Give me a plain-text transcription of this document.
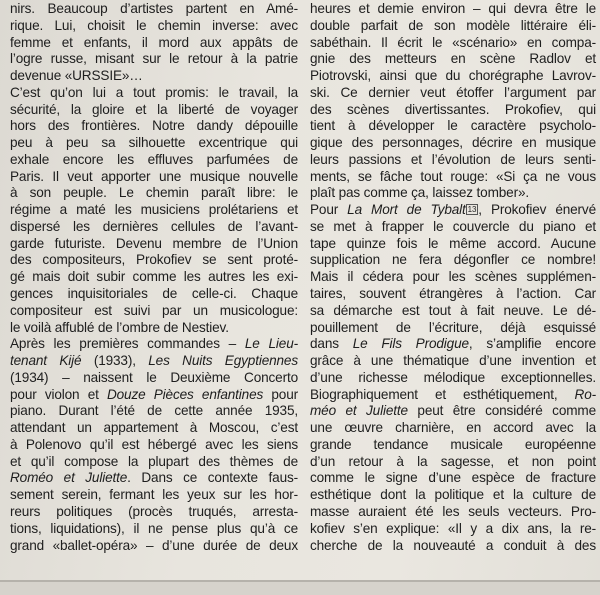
nirs. Beaucoup d’artistes partent en Amé-
rique. Lui, choisit le chemin inverse: avec
femme et enfants, il mord aux appâts de
l’ogre russe, misant sur le retour à la patrie
devenue «URSSIE»…
C’est qu’on lui a tout promis: le travail, la
sécurité, la gloire et la liberté de voyager
hors des frontières. Notre dandy dépouille
peu à peu sa silhouette excentrique qui
exhale encore les effluves parfumées de
Paris. Il veut apporter une musique nouvelle
à son peuple. Le chemin paraît libre: le
régime a maté les musiciens prolétariens et
dispersé les dernières cellules de l’avant-
garde futuriste. Devenu membre de l’Union
des compositeurs, Prokofiev se sent proté-
gé mais doit subir comme les autres les exi-
gences inquisitoriales de celle-ci. Chaque
compositeur est suivi par un musicologue:
le voilà affublé de l’ombre de Nestiev.
Après les premières commandes – Le Lieu-
tenant Kijé (1933), Les Nuits Egyptiennes
(1934) – naissent le Deuxième Concerto
pour violon et Douze Pièces enfantines pour
piano. Durant l’été de cette année 1935,
attendant un appartement à Moscou, c’est
à Polenovo qu’il est hébergé avec les siens
et qu’il compose la plupart des thèmes de
Roméo et Juliette. Dans ce contexte faus-
sement serein, fermant les yeux sur les hor-
reurs politiques (procès truqués, arresta-
tions, liquidations), il ne pense plus qu’à ce
grand «ballet-opéra» – d’une durée de deux
heures et demie environ – qui devra être le
double parfait de son modèle littéraire éli-
sabéthain. Il écrit le «scénario» en compa-
gnie des metteurs en scène Radlov et
Piotrovski, ainsi que du chorégraphe Lavrov-
ski. Ce dernier veut étoffer l’argument par
des scènes divertissantes. Prokofiev, qui
tient à développer le caractère psycholo-
gique des personnages, décrire en musique
leurs passions et l’évolution de leurs senti-
ments, se fâche tout rouge: «Si ça ne vous
plaît pas comme ça, laissez tomber».
Pour La Mort de Tybalt 13 , Prokofiev énervé
se met à frapper le couvercle du piano et
tape quinze fois le même accord. Aucune
supplication ne fera dégonfler ce nombre!
Mais il cédera pour les scènes supplémen-
taires, souvent étrangères à l’action. Car
sa démarche est tout à fait neuve. Le dé-
pouillement de l’écriture, déjà esquissé
dans Le Fils Prodigue, s’amplifie encore
grâce à une thématique d’une invention et
d’une richesse mélodique exceptionnelles.
Biographiquement et esthétiquement, Ro-
méo et Juliette peut être considéré comme
une œuvre charnière, en accord avec la
grande tendance musicale européenne
d’un retour à la sagesse, et non point
comme le signe d’une espèce de fracture
esthétique dont la politique et la culture de
masse auraient été les seuls vecteurs. Pro-
kofiev s’en explique: «Il y a dix ans, la re-
cherche de la nouveauté a conduit à des
